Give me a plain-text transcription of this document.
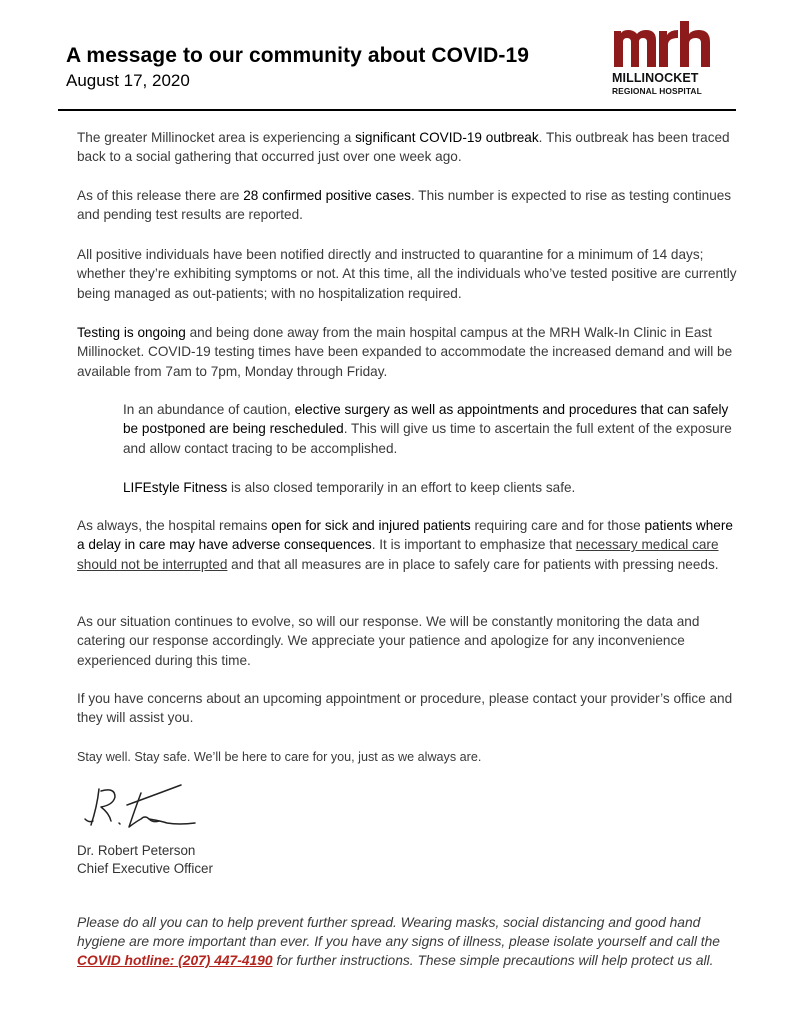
A message to our community about COVID-19
August 17, 2020	MILLINOCKET
REGIONAL HOSPITAL

The greater Millinocket area is experiencing a significant COVID-19 outbreak. This outbreak has been traced back to a social gathering that occurred just over one week ago.

As of this release there are 28 confirmed positive cases. This number is expected to rise as testing continues and pending test results are reported.

All positive individuals have been notified directly and instructed to quarantine for a minimum of 14 days; whether they’re exhibiting symptoms or not. At this time, all the individuals who’ve tested positive are currently being managed as out-patients; with no hospitalization required.

Testing is ongoing and being done away from the main hospital campus at the MRH Walk-In Clinic in East Millinocket. COVID-19 testing times have been expanded to accommodate the increased demand and will be available from 7am to 7pm, Monday through Friday.

In an abundance of caution, elective surgery as well as appointments and procedures that can safely be postponed are being rescheduled. This will give us time to ascertain the full extent of the exposure and allow contact tracing to be accomplished.

LIFEstyle Fitness is also closed temporarily in an effort to keep clients safe.

As always, the hospital remains open for sick and injured patients requiring care and for those patients where a delay in care may have adverse consequences. It is important to emphasize that necessary medical care should not be interrupted and that all measures are in place to safely care for patients with pressing needs.

As our situation continues to evolve, so will our response. We will be constantly monitoring the data and catering our response accordingly. We appreciate your patience and apologize for any inconvenience experienced during this time.

If you have concerns about an upcoming appointment or procedure, please contact your provider’s office and they will assist you.

Stay well. Stay safe. We’ll be here to care for you, just as we always are.

Dr. Robert Peterson
Chief Executive Officer

Please do all you can to help prevent further spread. Wearing masks, social distancing and good hand hygiene are more important than ever. If you have any signs of illness, please isolate yourself and call the COVID hotline: (207) 447-4190 for further instructions. These simple precautions will help protect us all.
